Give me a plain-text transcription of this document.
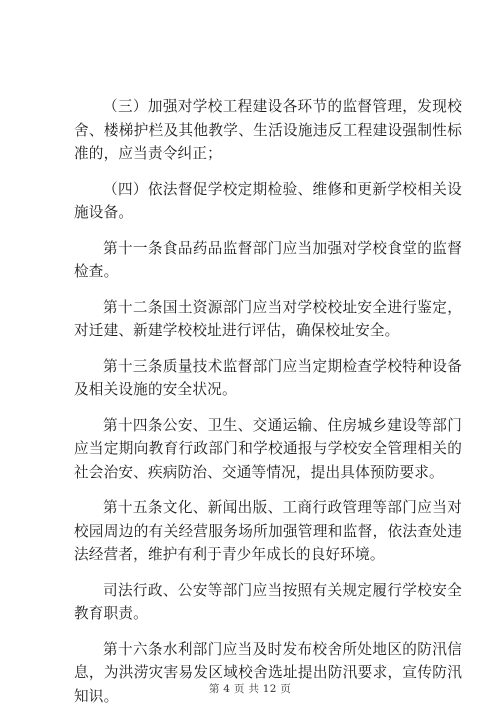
（三）加强对学校工程建设各环节的监督管理，发现校舍、楼梯护栏及其他教学、生活设施违反工程建设强制性标准的，应当责令纠正；

（四）依法督促学校定期检验、维修和更新学校相关设施设备。

第十一条食品药品监督部门应当加强对学校食堂的监督检查。

第十二条国土资源部门应当对学校校址安全进行鉴定，对迁建、新建学校校址进行评估，确保校址安全。

第十三条质量技术监督部门应当定期检查学校特种设备及相关设施的安全状况。

第十四条公安、卫生、交通运输、住房城乡建设等部门应当定期向教育行政部门和学校通报与学校安全管理相关的社会治安、疾病防治、交通等情况，提出具体预防要求。

第十五条文化、新闻出版、工商行政管理等部门应当对校园周边的有关经营服务场所加强管理和监督，依法查处违法经营者，维护有利于青少年成长的良好环境。

司法行政、公安等部门应当按照有关规定履行学校安全教育职责。

第十六条水利部门应当及时发布校舍所处地区的防汛信息，为洪涝灾害易发区域校舍选址提出防汛要求，宣传防汛知识。	第 4 页 共 12 页
